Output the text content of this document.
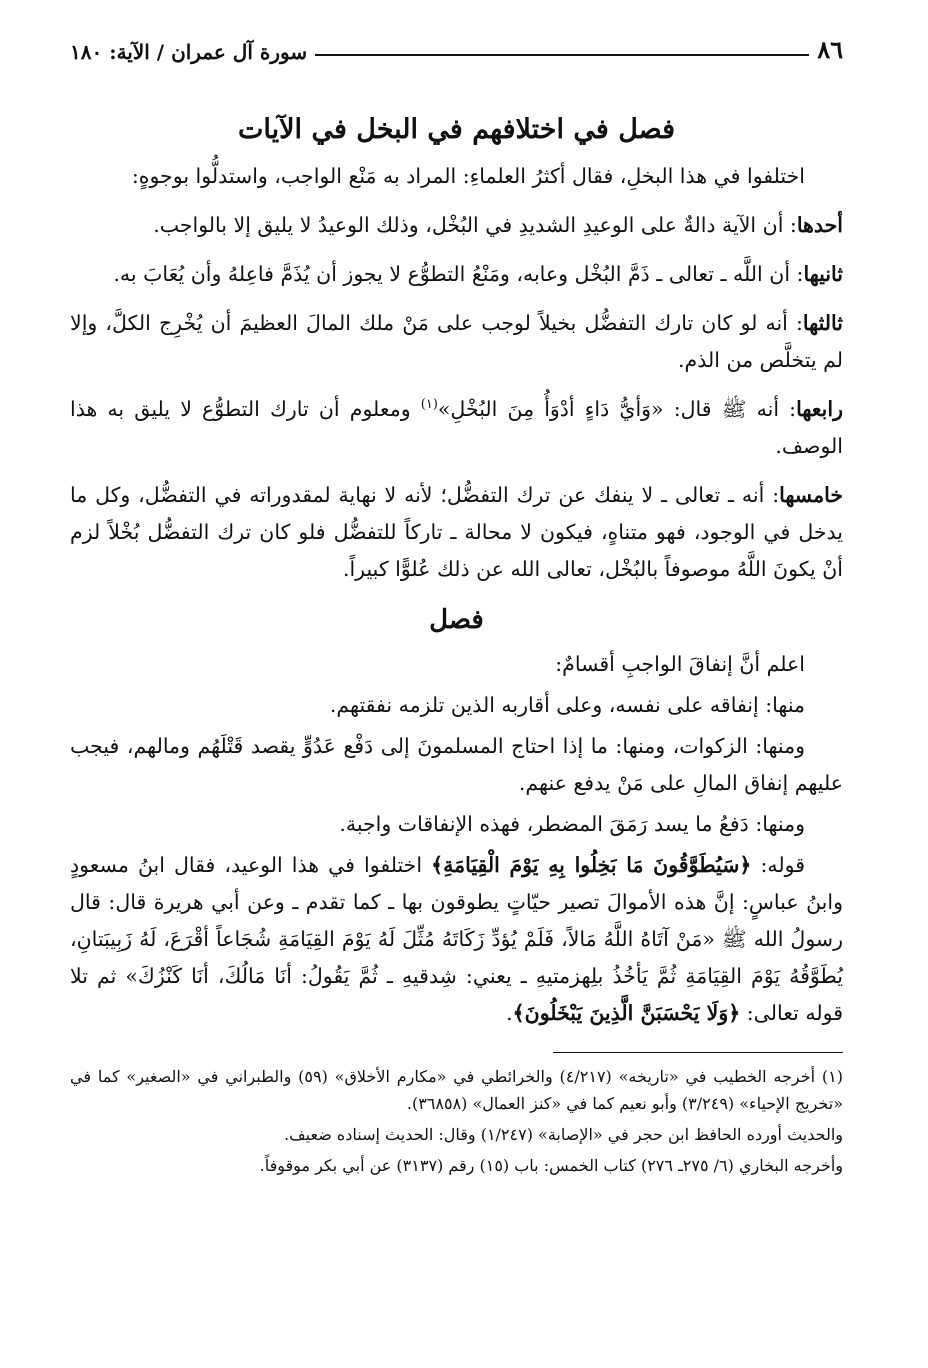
٨٦
سورة آل عمران / الآية: ١٨٠
فصل في اختلافهم في البخل في الآيات

اختلفوا في هذا البخلِ، فقال أكثرُ العلماءِ: المراد به مَنْع الواجب، واستدلُّوا بوجوهٍ:

أحدها: أن الآية دالةٌ على الوعيدِ الشديدِ في البُخْل، وذلك الوعيدُ لا يليق إلا بالواجب.

ثانيها: أن اللَّه ـ تعالى ـ ذَمَّ البُخْل وعابه، ومَنْعُ التطوُّع لا يجوز أن يُذَمَّ فاعِلهُ وأن يُعَابَ به.

ثالثها: أنه لو كان تارك التفضُّل بخيلاً لوجب على مَنْ ملك المالَ العظيمَ أن يُخْرِج الكلَّ، وإلا لم يتخلَّص من الذم.

رابعها: أنه ﷺ قال: «وَأيُّ دَاءٍ أدْوَأُ مِنَ البُخْلِ»$^{(١)}$ ومعلوم أن تارك التطوُّع لا يليق به هذا الوصف.

خامسها: أنه ـ تعالى ـ لا ينفك عن ترك التفضُّل؛ لأنه لا نهاية لمقدوراته في التفضُّل، وكل ما يدخل في الوجود، فهو متناهٍ، فيكون لا محالة ـ تاركاً للتفضُّل فلو كان ترك التفضُّل بُخْلاً لزم أنْ يكونَ اللَّهُ موصوفاً بالبُخْل، تعالى الله عن ذلك عُلوًّا كبيراً.

فصل

اعلم أنَّ إنفاقَ الواجبِ أقسامٌ:

منها: إنفاقه على نفسه، وعلى أقاربه الذين تلزمه نفقتهم.

ومنها: الزكوات، ومنها: ما إذا احتاج المسلمونَ إلى دَفْع عَدُوٍّ يقصد قَتْلَهُم ومالهم، فيجب عليهم إنفاق المالِ على مَنْ يدفع عنهم.

ومنها: دَفعُ ما يسد رَمَقَ المضطر، فهذه الإنفاقات واجبة.

قوله: ﴿سَيُطَوَّقُونَ مَا بَخِلُوا بِهِ يَوْمَ الْقِيَامَةِ﴾ اختلفوا في هذا الوعيد، فقال ابنُ مسعودٍ وابنُ عباسٍ: إنَّ هذه الأموالَ تصير حيّاتٍ يطوقون بها ـ كما تقدم ـ وعن أبي هريرة قال: قال رسولُ الله ﷺ «مَنْ آتَاهُ اللَّهُ مَالاً، فَلَمْ يُؤدِّ زَكَاتَهُ مُثِّلَ لَهُ يَوْمَ القِيَامَةِ شُجَاعاً أقْرَعَ، لَهُ زَبِيبَتانِ، يُطَوَّقُهُ يَوْمَ القِيَامَةِ ثُمَّ يَأخُذُ بلِهزمتيهِ ـ يعني: شِدقيهِ ـ ثُمَّ يَقُولُ: أنَا مَالُكَ، أنَا كَنْزُكَ» ثم تلا قوله تعالى: ﴿وَلَا يَحْسَبَنَّ الَّذِينَ يَبْخَلُونَ﴾.

(١) أخرجه الخطيب في «تاريخه» (٤/٢١٧) والخرائطي في «مكارم الأخلاق» (٥٩) والطبراني في «الصغير» كما في «تخريج الإحياء» (٣/٢٤٩) وأبو نعيم كما في «كنز العمال» (٣٦٨٥٨).

والحديث أورده الحافظ ابن حجر في «الإصابة» (١/٢٤٧) وقال: الحديث إسناده ضعيف.

وأخرجه البخاري (٦/ ٢٧٥ـ ٢٧٦) كتاب الخمس: باب (١٥) رقم (٣١٣٧) عن أبي بكر موقوفاً.
